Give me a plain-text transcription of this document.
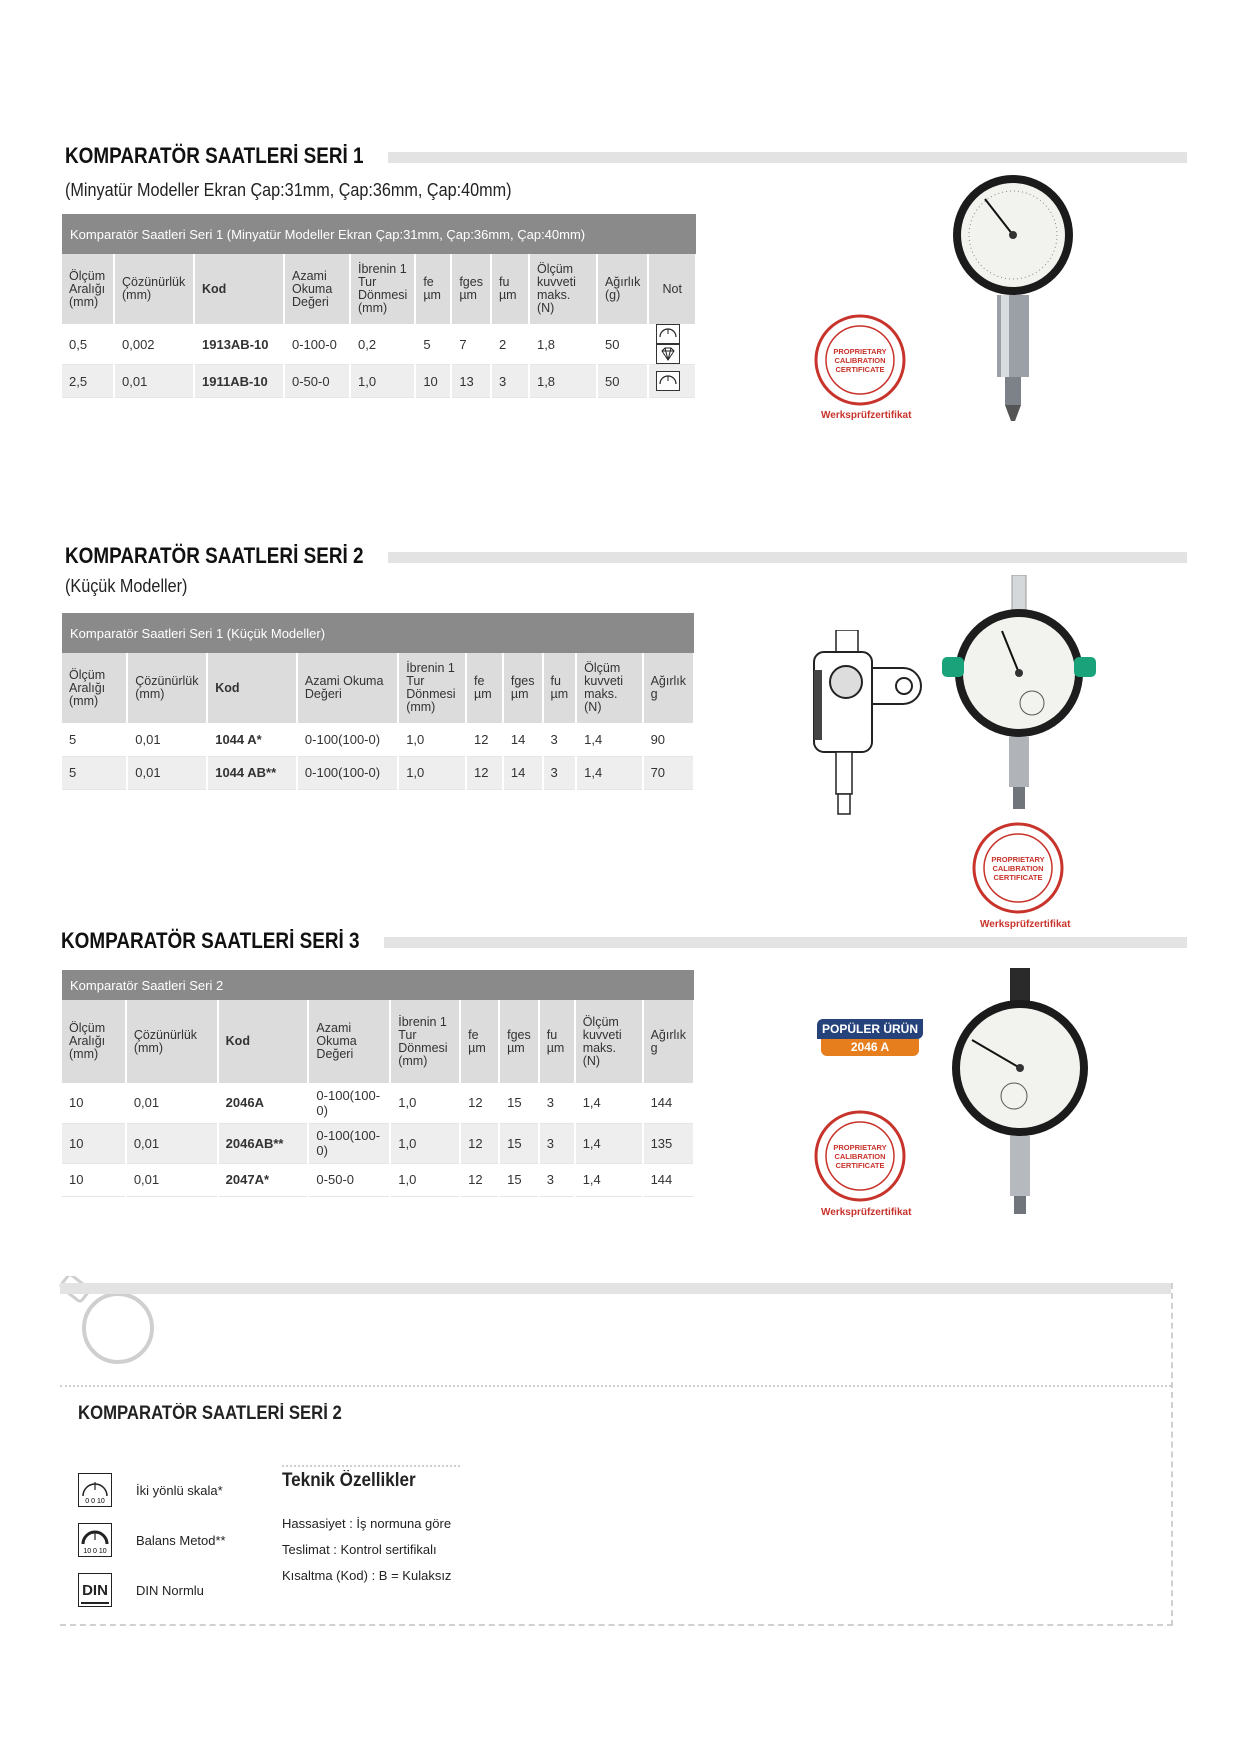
KOMPARATÖR SAATLERİ SERİ 1
(Minyatür Modeller Ekran Çap:31mm, Çap:36mm, Çap:40mm)
Komparatör Saatleri Seri 1 (Minyatür Modeller Ekran Çap:31mm, Çap:36mm, Çap:40mm)										
Ölçüm Aralığı (mm)	Çözünürlük (mm)	Kod	Azami Okuma Değeri	İbrenin 1 Tur Dönmesi (mm)	fe µm	fges µm	fu µm	Ölçüm kuvveti maks. (N)	Ağırlık (g)	Not
0,5	0,002	1913AB-10	0-100-0	0,2	5	7	2	1,8	50	
2,5	0,01	1911AB-10	0-50-0	1,0	10	13	3	1,8	50	
PROPRIETARY
CALIBRATION
CERTIFICATE
Werksprüfzertifikat
KOMPARATÖR SAATLERİ SERİ 2
(Küçük Modeller)
Komparatör Saatleri Seri 1 (Küçük Modeller)									
Ölçüm Aralığı (mm)	Çözünürlük (mm)	Kod	Azami Okuma Değeri	İbrenin 1 Tur Dönmesi (mm)	fe µm	fges µm	fu µm	Ölçüm kuvveti maks. (N)	Ağırlık g
5	0,01	1044 A*	0-100(100-0)	1,0	12	14	3	1,4	90
5	0,01	1044 AB**	0-100(100-0)	1,0	12	14	3	1,4	70
PROPRIETARY
CALIBRATION
CERTIFICATE
Werksprüfzertifikat
KOMPARATÖR SAATLERİ SERİ 3
Komparatör Saatleri Seri 2									
Ölçüm Aralığı (mm)	Çözünürlük (mm)	Kod	Azami Okuma Değeri	İbrenin 1 Tur Dönmesi (mm)	fe µm	fges µm	fu µm	Ölçüm kuvveti maks. (N)	Ağırlık g
10	0,01	2046A	0-100(100-0)	1,0	12	15	3	1,4	144
10	0,01	2046AB**	0-100(100-0)	1,0	12	15	3	1,4	135
10	0,01	2047A*	0-50-0	1,0	12	15	3	1,4	144
POPÜLER ÜRÜN
2046 A
PROPRIETARY
CALIBRATION
CERTIFICATE
Werksprüfzertifikat
KOMPARATÖR SAATLERİ SERİ 2
0 0 10
İki yönlü skala*
10 0 10
Balans Metod**
DIN DIN Normlu
Teknik Özellikler
Hassasiyet : İş normuna göre
Teslimat : Kontrol sertifikalı
Kısaltma (Kod) : B = Kulaksız
